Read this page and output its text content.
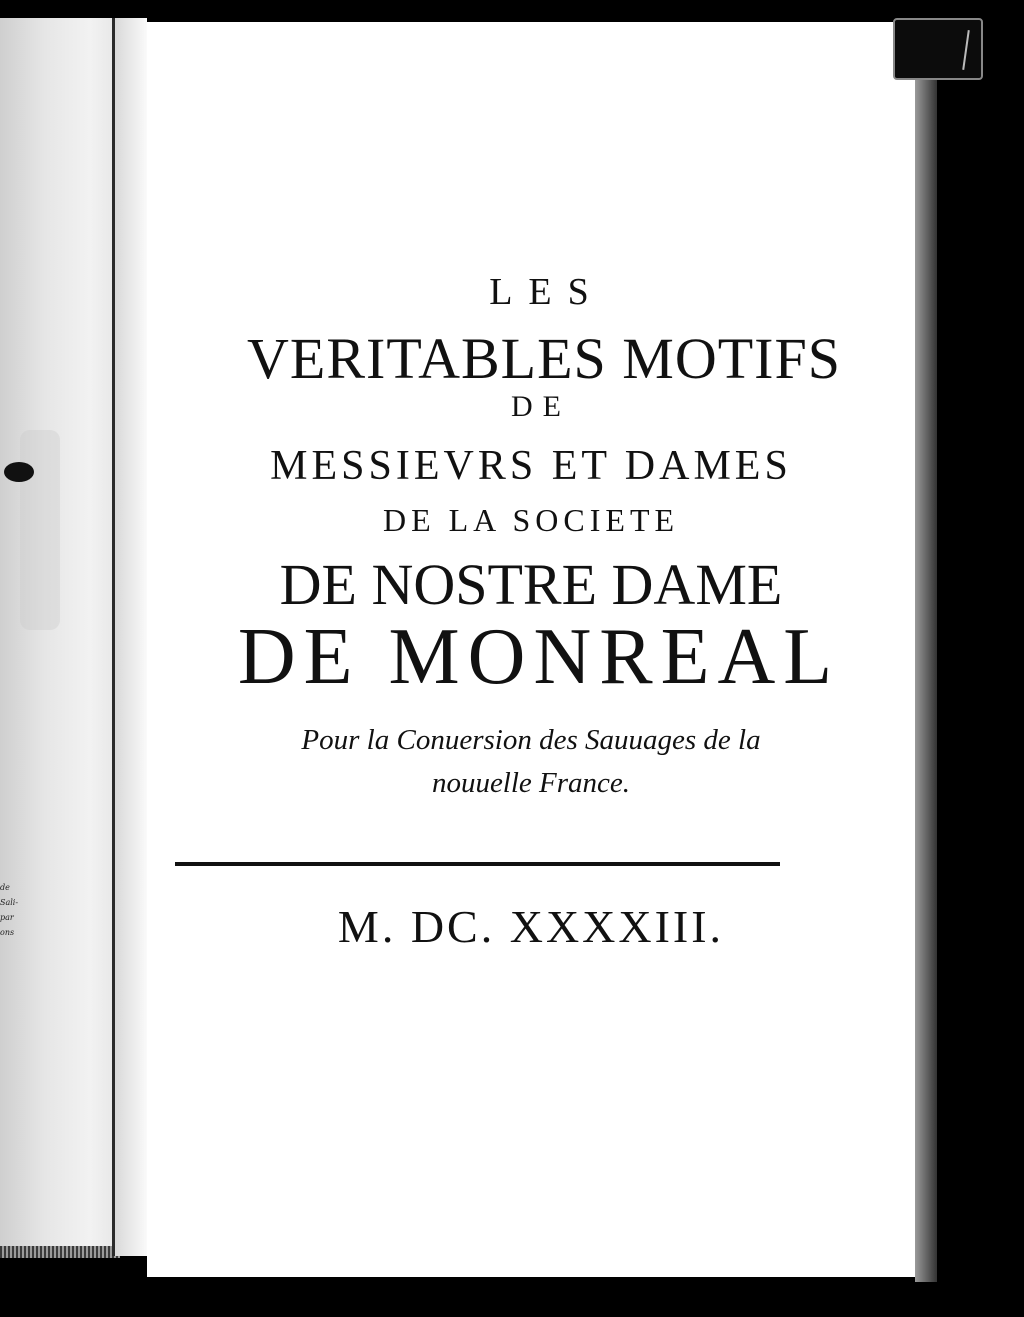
de
Sali-
par
ons
LES
VERITABLES MOTIFS
DE
MESSIEVRS ET DAMES
DE LA SOCIETE
DE NOSTRE DAME
DE MONREAL
Pour la Conuersion des Sauuages de la
nouuelle France.
M. DC. XXXXIII.
